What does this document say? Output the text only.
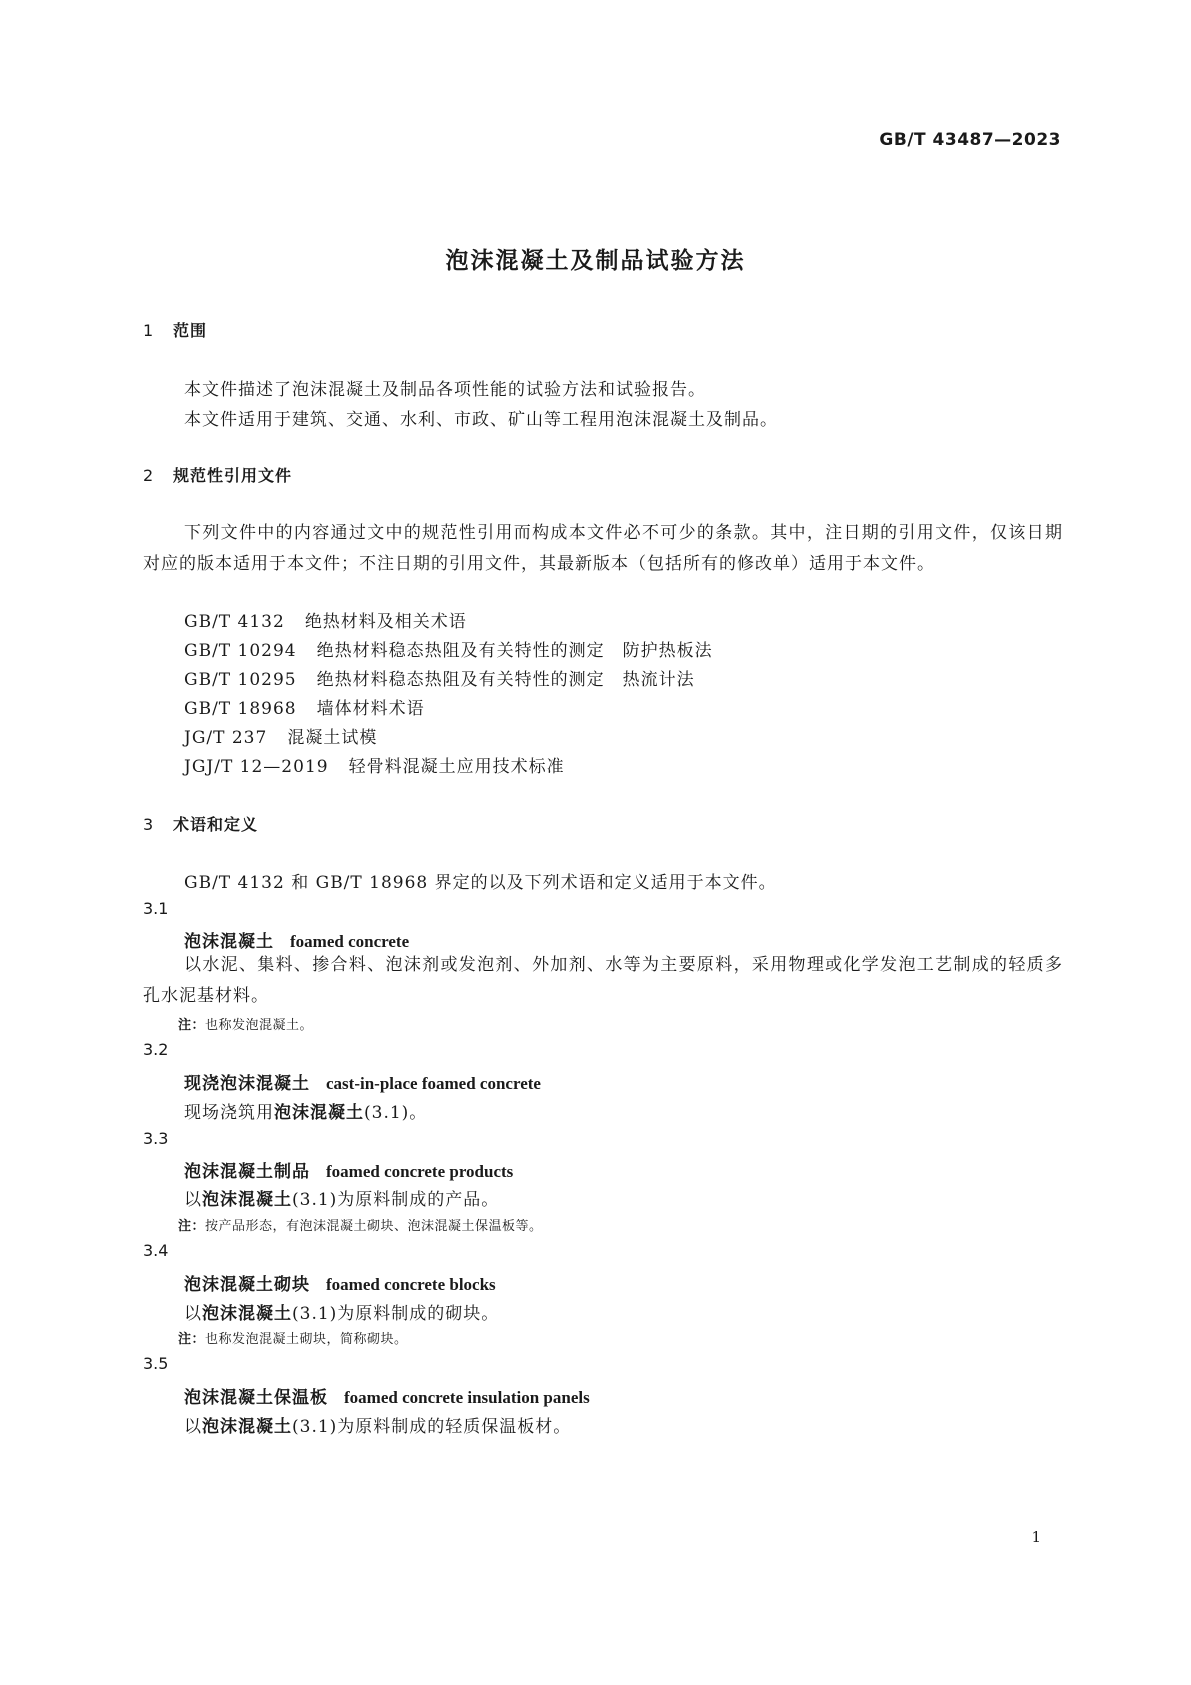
GB/T 43487—2023
泡沫混凝土及制品试验方法
1 范围
本文件描述了泡沫混凝土及制品各项性能的试验方法和试验报告。
本文件适用于建筑、交通、水利、市政、矿山等工程用泡沫混凝土及制品。
2 规范性引用文件
下列文件中的内容通过文中的规范性引用而构成本文件必不可少的条款。其中，注日期的引用文件，仅该日期对应的版本适用于本文件；不注日期的引用文件，其最新版本（包括所有的修改单）适用于本文件。
GB/T 4132 绝热材料及相关术语
GB/T 10294 绝热材料稳态热阻及有关特性的测定　防护热板法
GB/T 10295 绝热材料稳态热阻及有关特性的测定　热流计法
GB/T 18968 墙体材料术语
JG/T 237 混凝土试模
JGJ/T 12—2019 轻骨料混凝土应用技术标准
3 术语和定义
GB/T 4132 和 GB/T 18968 界定的以及下列术语和定义适用于本文件。
3.1
泡沫混凝土 foamed concrete
以水泥、集料、掺合料、泡沫剂或发泡剂、外加剂、水等为主要原料，采用物理或化学发泡工艺制成的轻质多孔水泥基材料。
注：也称发泡混凝土。
3.2
现浇泡沫混凝土 cast-in-place foamed concrete
现场浇筑用泡沫混凝土(3.1)。
3.3
泡沫混凝土制品 foamed concrete products
以泡沫混凝土(3.1)为原料制成的产品。
注：按产品形态，有泡沫混凝土砌块、泡沫混凝土保温板等。
3.4
泡沫混凝土砌块 foamed concrete blocks
以泡沫混凝土(3.1)为原料制成的砌块。
注：也称发泡混凝土砌块，简称砌块。
3.5
泡沫混凝土保温板 foamed concrete insulation panels
以泡沫混凝土(3.1)为原料制成的轻质保温板材。
1
